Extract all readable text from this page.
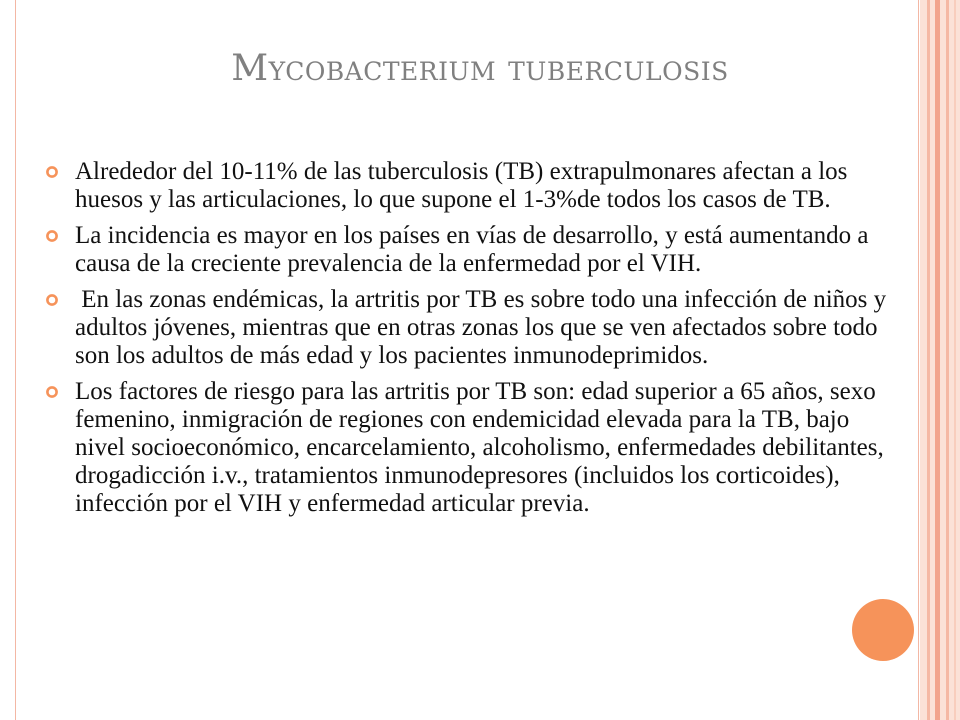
Mycobacterium tuberculosis
Alrededor del 10-11% de las tuberculosis (TB) extrapulmonares afectan a los huesos y las articulaciones, lo que supone el 1-3%de todos los casos de TB.
La incidencia es mayor en los países en vías de desarrollo, y está aumentando a causa de la creciente prevalencia de la enfermedad por el VIH.
En las zonas endémicas, la artritis por TB es sobre todo una infección de niños y adultos jóvenes, mientras que en otras zonas los que se ven afectados sobre todo son los adultos de más edad y los pacientes inmunodeprimidos.
Los factores de riesgo para las artritis por TB son: edad superior a 65 años, sexo femenino, inmigración de regiones con endemicidad elevada para la TB, bajo nivel socioeconómico, encarcelamiento, alcoholismo, enfermedades debilitantes, drogadicción i.v., tratamientos inmunodepresores (incluidos los corticoides), infección por el VIH y enfermedad articular previa.
